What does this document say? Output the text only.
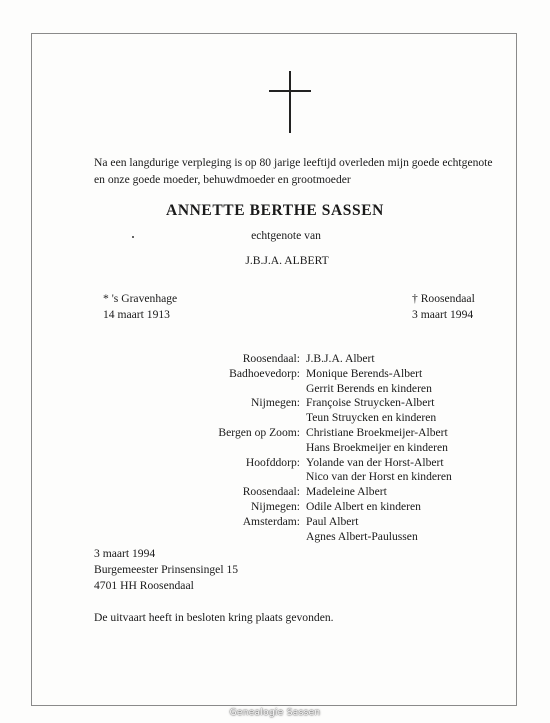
Na een langdurige verpleging is op 80 jarige leeftijd overleden mijn goede echtgenote
en onze goede moeder, behuwdmoeder en grootmoeder
ANNETTE BERTHE SASSEN
echtgenote van
J.B.J.A. ALBERT
* 's Gravenhage
14 maart 1913
† Roosendaal
3 maart 1994
Roosendaal: J.B.J.A. Albert
Badhoevedorp: Monique Berends-Albert
Gerrit Berends en kinderen
Nijmegen: Françoise Struycken-Albert
Teun Struycken en kinderen
Bergen op Zoom: Christiane Broekmeijer-Albert
Hans Broekmeijer en kinderen
Hoofddorp: Yolande van der Horst-Albert
Nico van der Horst en kinderen
Roosendaal: Madeleine Albert
Nijmegen: Odile Albert en kinderen
Amsterdam: Paul Albert
Agnes Albert-Paulussen
3 maart 1994
Burgemeester Prinsensingel 15
4701 HH Roosendaal
De uitvaart heeft in besloten kring plaats gevonden.
Genealogie Sassen
